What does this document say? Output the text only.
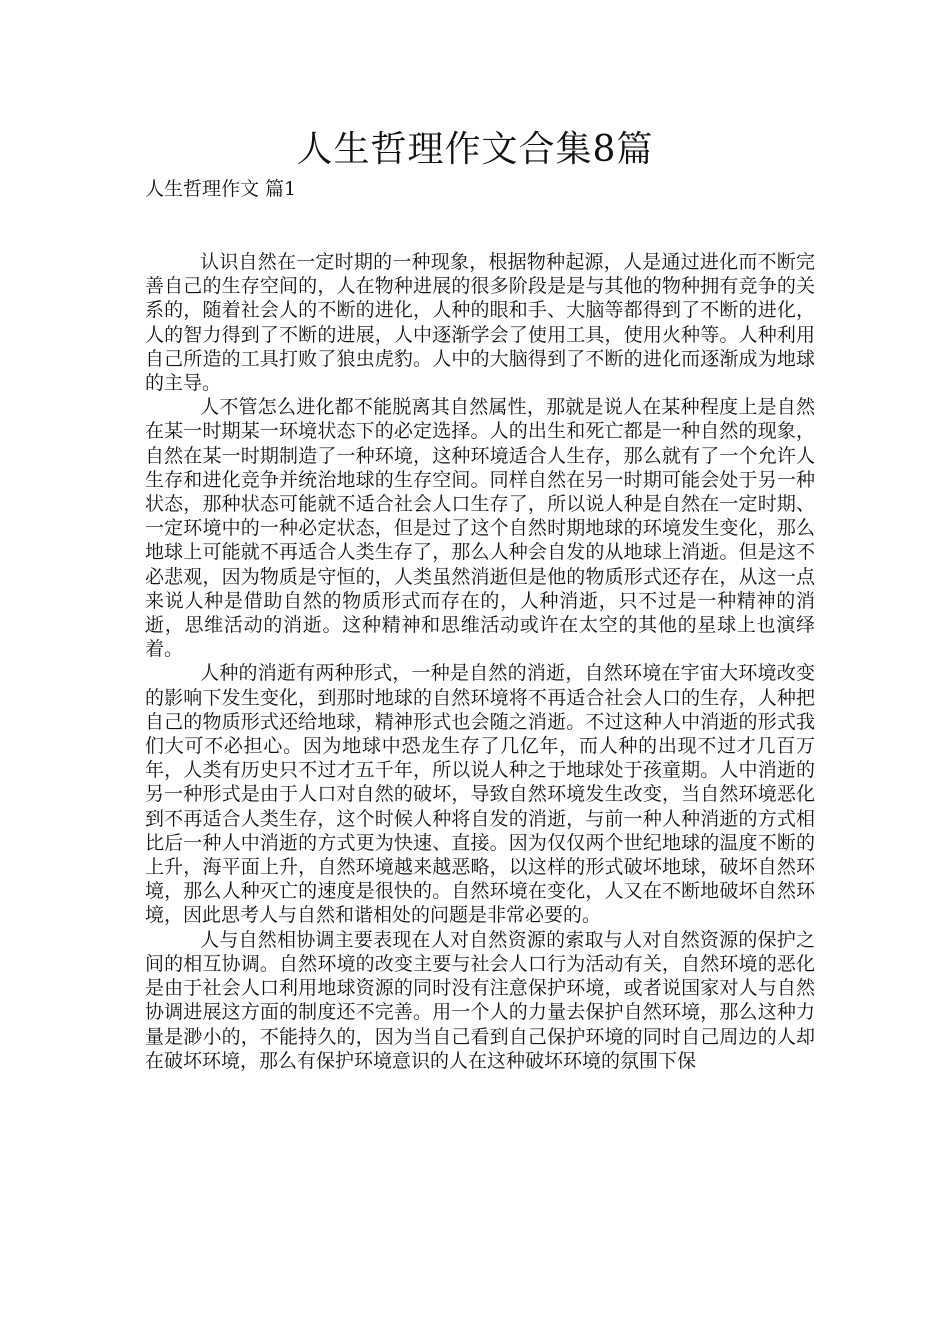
人生哲理作文合集8篇
人生哲理作文 篇1

认识自然在一定时期的一种现象，根据物种起源，人是通过进化而不断完善自己的生存空间的，人在物种进展的很多阶段是是与其他的物种拥有竞争的关系的，随着社会人的不断的进化，人种的眼和手、大脑等都得到了不断的进化，人的智力得到了不断的进展，人中逐渐学会了使用工具，使用火种等。人种利用自己所造的工具打败了狼虫虎豹。人中的大脑得到了不断的进化而逐渐成为地球的主导。

人不管怎么进化都不能脱离其自然属性，那就是说人在某种程度上是自然在某一时期某一环境状态下的必定选择。人的出生和死亡都是一种自然的现象，自然在某一时期制造了一种环境，这种环境适合人生存，那么就有了一个允许人生存和进化竞争并统治地球的生存空间。同样自然在另一时期可能会处于另一种状态，那种状态可能就不适合社会人口生存了，所以说人种是自然在一定时期、一定环境中的一种必定状态，但是过了这个自然时期地球的环境发生变化，那么地球上可能就不再适合人类生存了，那么人种会自发的从地球上消逝。但是这不必悲观，因为物质是守恒的，人类虽然消逝但是他的物质形式还存在，从这一点来说人种是借助自然的物质形式而存在的，人种消逝，只不过是一种精神的消逝，思维活动的消逝。这种精神和思维活动或许在太空的其他的星球上也演绎着。

人种的消逝有两种形式，一种是自然的消逝，自然环境在宇宙大环境改变的影响下发生变化，到那时地球的自然环境将不再适合社会人口的生存，人种把自己的物质形式还给地球，精神形式也会随之消逝。不过这种人中消逝的形式我们大可不必担心。因为地球中恐龙生存了几亿年，而人种的出现不过才几百万年，人类有历史只不过才五千年，所以说人种之于地球处于孩童期。人中消逝的另一种形式是由于人口对自然的破坏，导致自然环境发生改变，当自然环境恶化到不再适合人类生存，这个时候人种将自发的消逝，与前一种人种消逝的方式相比后一种人中消逝的方式更为快速、直接。因为仅仅两个世纪地球的温度不断的上升，海平面上升，自然环境越来越恶略，以这样的形式破坏地球，破坏自然环境，那么人种灭亡的速度是很快的。自然环境在变化，人又在不断地破坏自然环境，因此思考人与自然和谐相处的问题是非常必要的。

人与自然相协调主要表现在人对自然资源的索取与人对自然资源的保护之间的相互协调。自然环境的改变主要与社会人口行为活动有关，自然环境的恶化是由于社会人口利用地球资源的同时没有注意保护环境，或者说国家对人与自然协调进展这方面的制度还不完善。用一个人的力量去保护自然环境，那么这种力量是渺小的，不能持久的，因为当自己看到自己保护环境的同时自己周边的人却在破坏环境，那么有保护环境意识的人在这种破坏环境的氛围下保
